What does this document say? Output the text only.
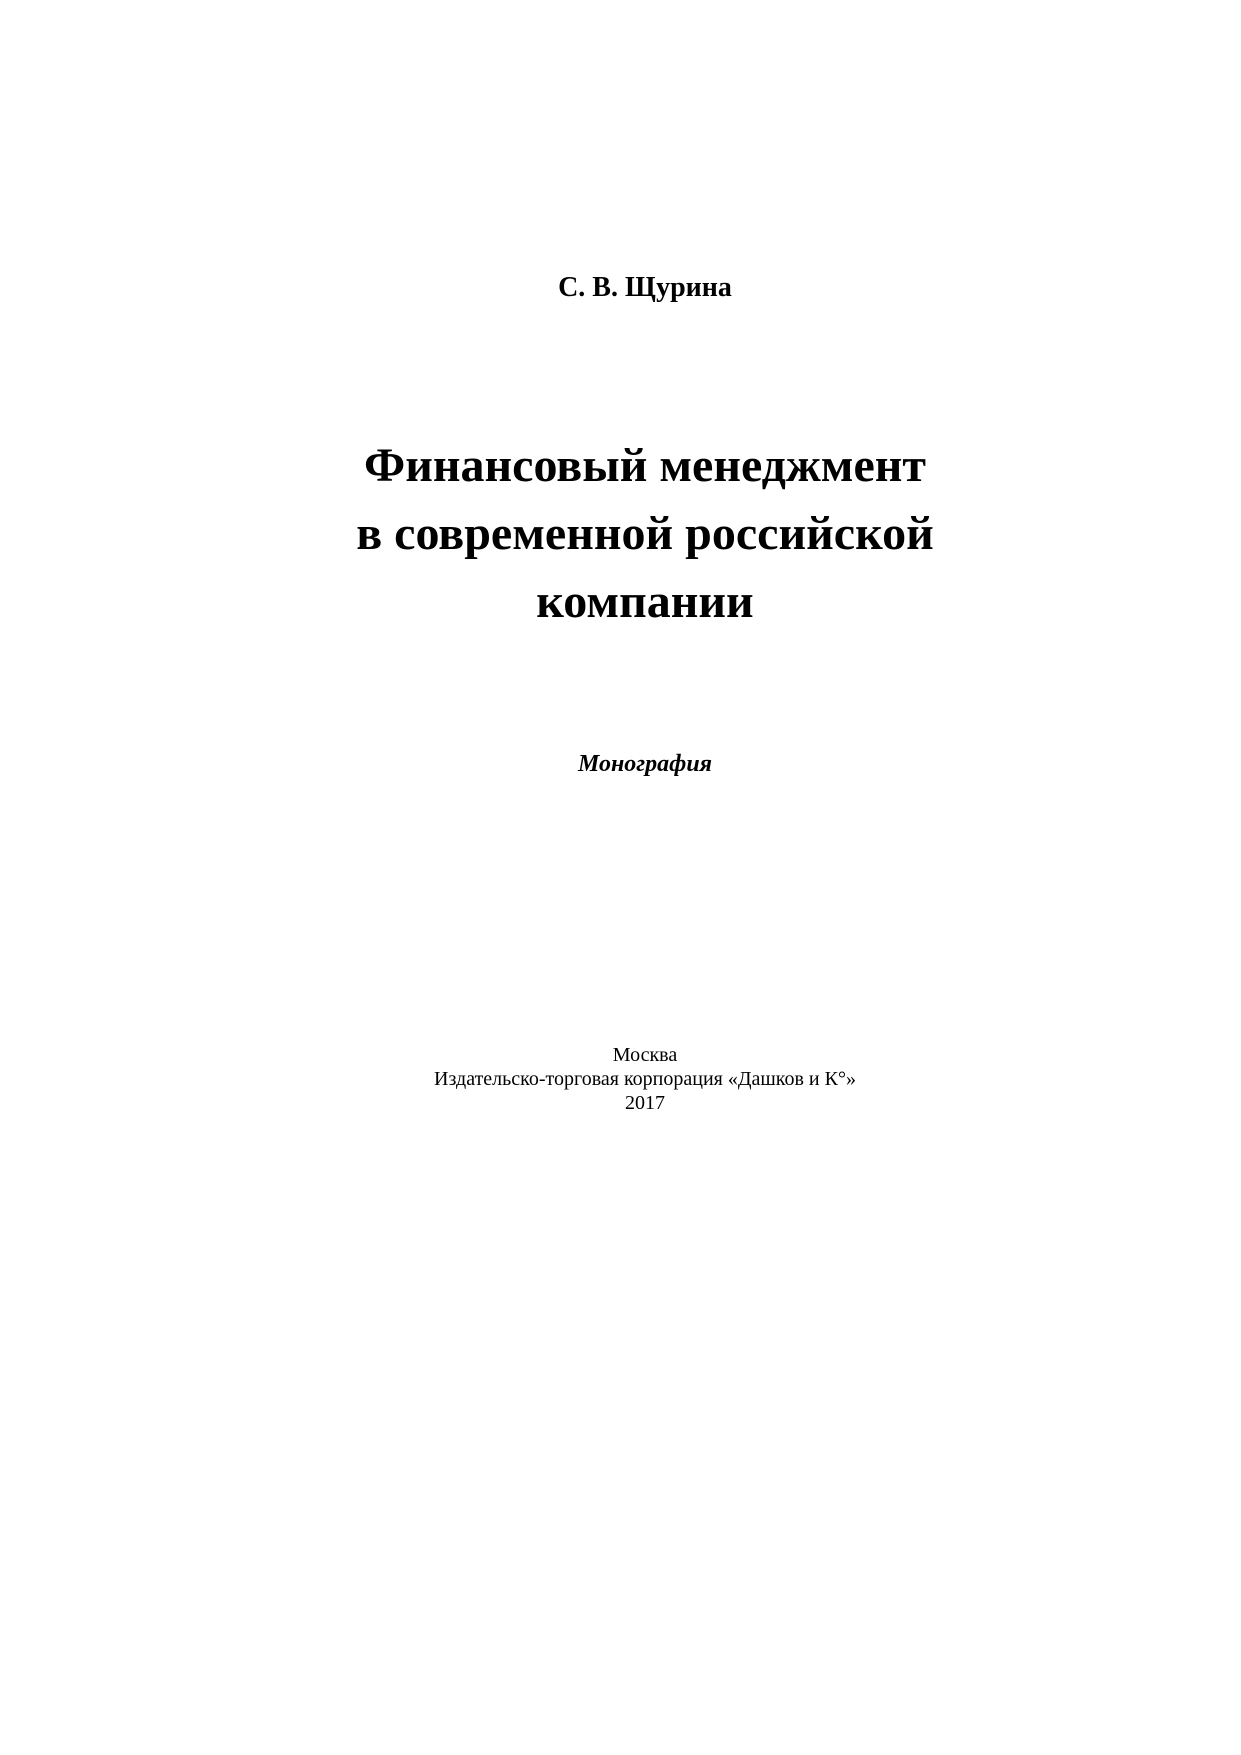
С. В. Щурина
Финансовый менеджмент
в современной российской
компании
Монография
Москва
Издательско-торговая корпорация «Дашков и К°»
2017
